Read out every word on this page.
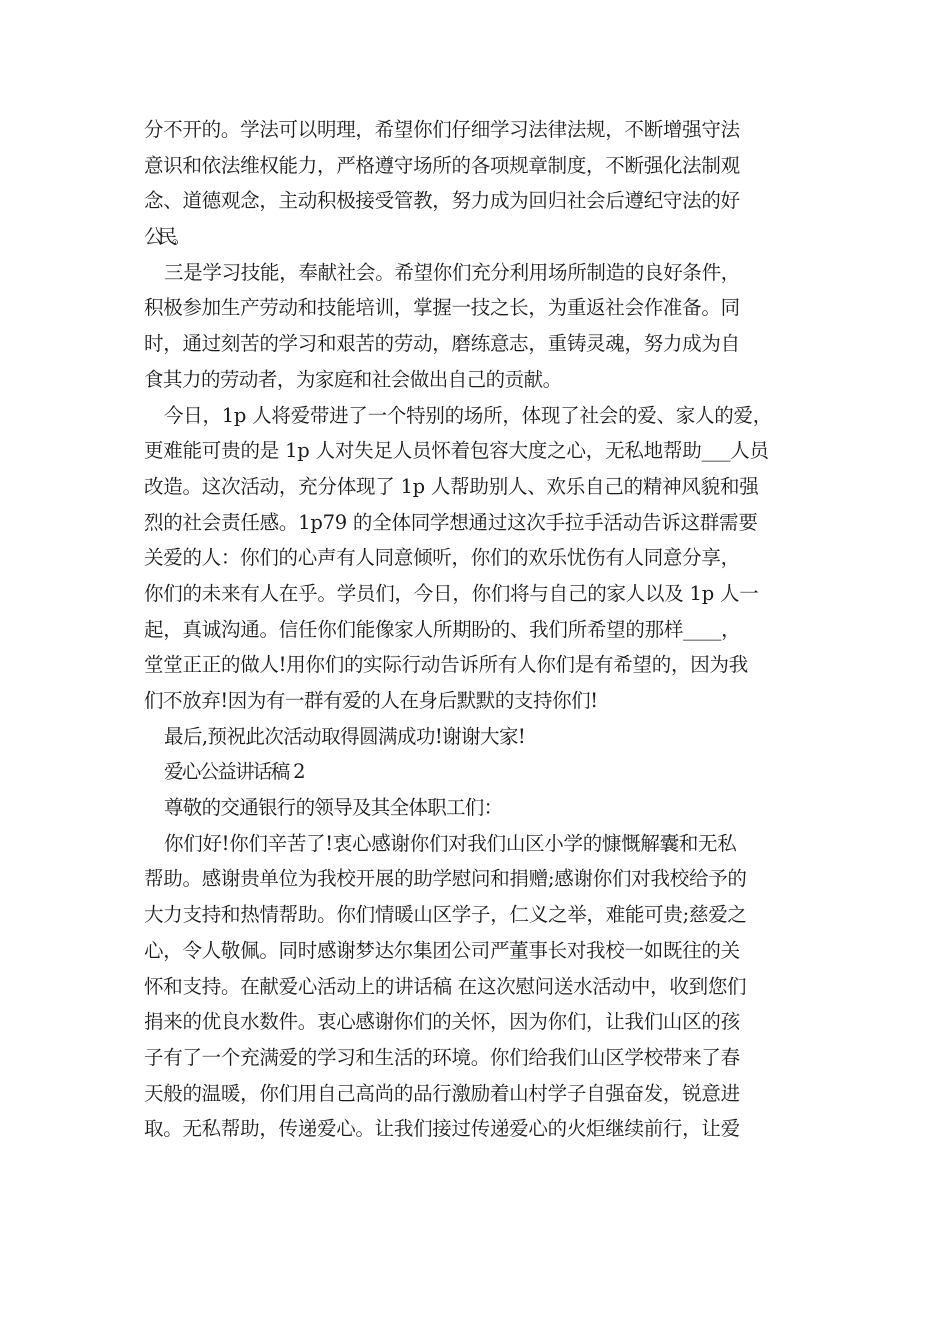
分不开的。学法可以明理，希望你们仔细学习法律法规，不断增强守法
意识和依法维权能力，严格遵守场所的各项规章制度，不断强化法制观
念、道德观念，主动积极接受管教，努力成为回归社会后遵纪守法的好
公民。
三是学习技能，奉献社会。希望你们充分利用场所制造的良好条件，
积极参加生产劳动和技能培训，掌握一技之长，为重返社会作准备。同
时，通过刻苦的学习和艰苦的劳动，磨练意志，重铸灵魂，努力成为自
食其力的劳动者，为家庭和社会做出自己的贡献。
今日，1p 人将爱带进了一个特别的场所，体现了社会的爱、家人的爱，
更难能可贵的是 1p 人对失足人员怀着包容大度之心，无私地帮助___人员
改造。这次活动，充分体现了 1p 人帮助别人、欢乐自己的精神风貌和强
烈的社会责任感。1p79 的全体同学想通过这次手拉手活动告诉这群需要
关爱的人：你们的心声有人同意倾听，你们的欢乐忧伤有人同意分享，
你们的未来有人在乎。学员们，今日，你们将与自己的家人以及 1p 人一
起，真诚沟通。信任你们能像家人所期盼的、我们所希望的那样____，
堂堂正正的做人!用你们的实际行动告诉所有人你们是有希望的，因为我
们不放弃!因为有一群有爱的人在身后默默的支持你们!
最后,预祝此次活动取得圆满成功!谢谢大家!
爱心公益讲话稿 2
尊敬的交通银行的领导及其全体职工们：
你们好!你们辛苦了!衷心感谢你们对我们山区小学的慷慨解囊和无私
帮助。感谢贵单位为我校开展的助学慰问和捐赠;感谢你们对我校给予的
大力支持和热情帮助。你们情暖山区学子，仁义之举，难能可贵;慈爱之
心，令人敬佩。同时感谢梦达尔集团公司严董事长对我校一如既往的关
怀和支持。在献爱心活动上的讲话稿 在这次慰问送水活动中，收到您们
捐来的优良水数件。衷心感谢你们的关怀，因为你们，让我们山区的孩
子有了一个充满爱的学习和生活的环境。你们给我们山区学校带来了春
天般的温暖，你们用自己高尚的品行激励着山村学子自强奋发，锐意进
取。无私帮助，传递爱心。让我们接过传递爱心的火炬继续前行，让爱
